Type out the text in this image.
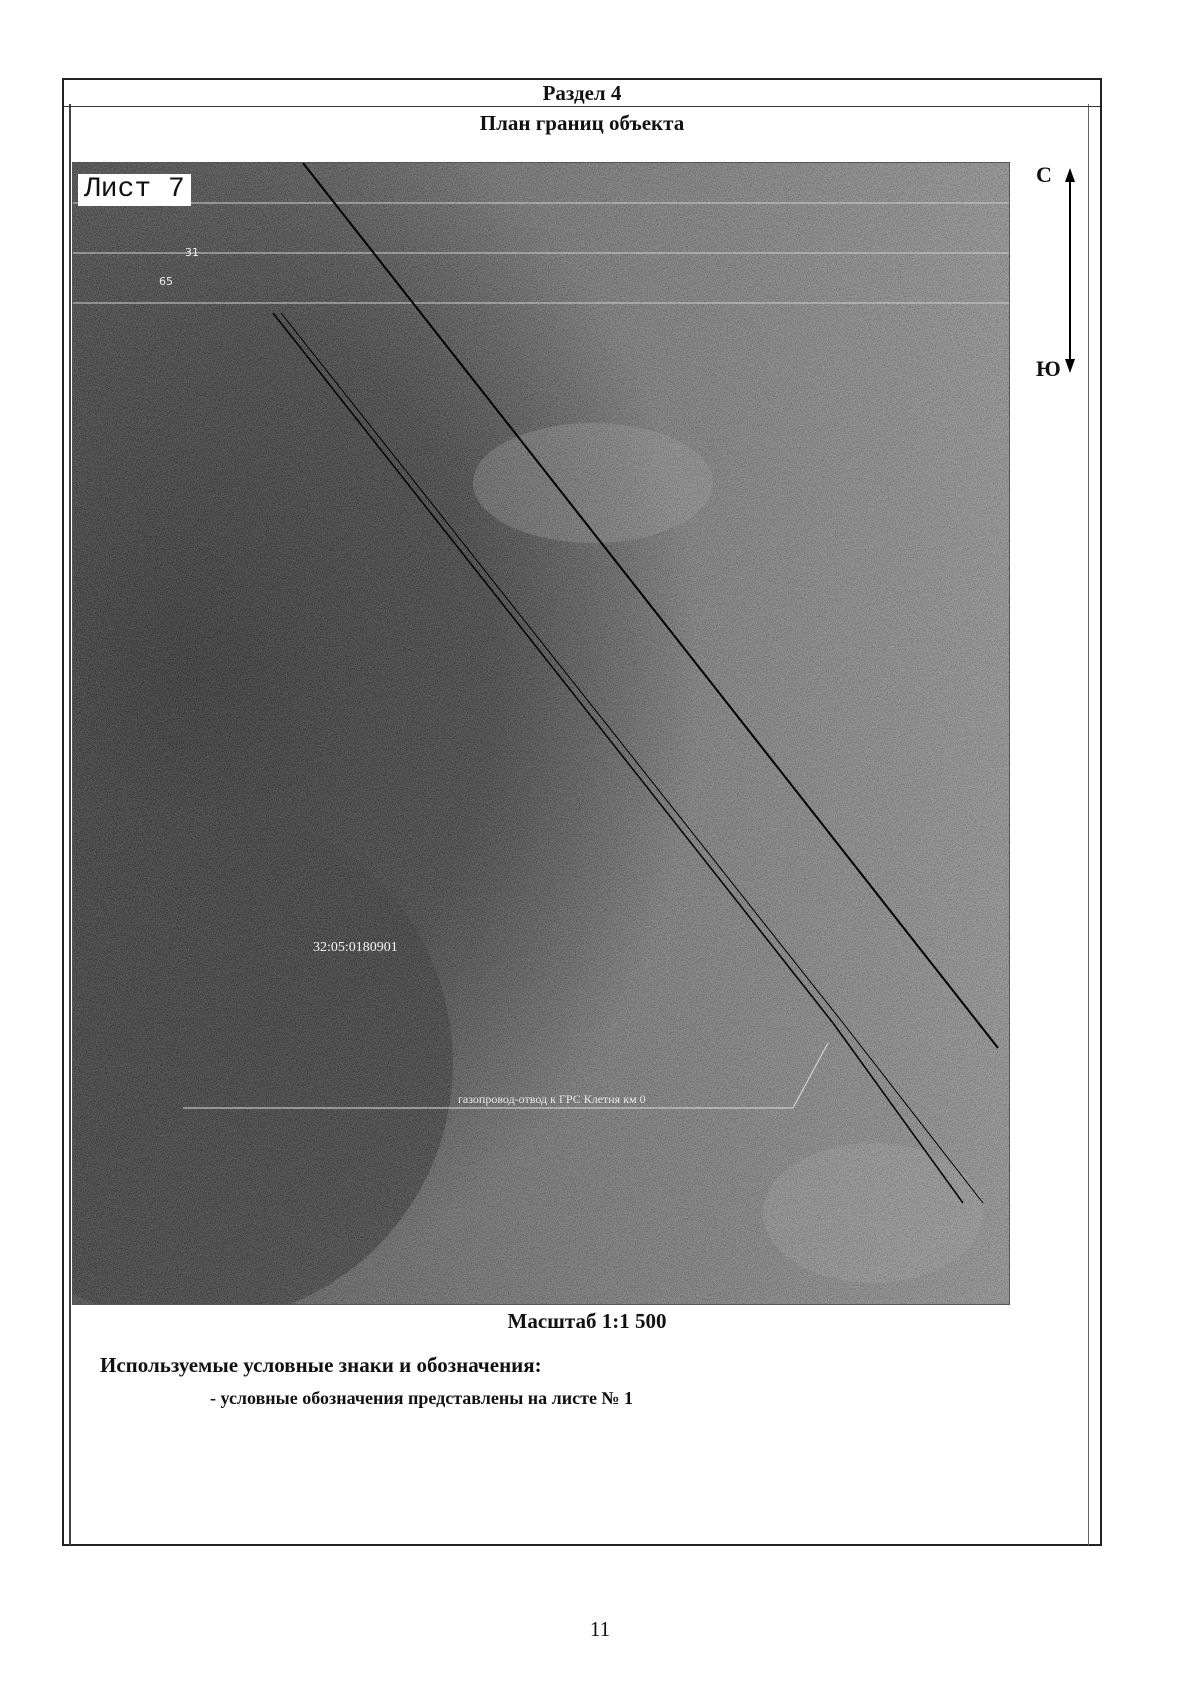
Раздел 4
План границ объекта
31
65
32:05:0180901
газопровод-отвод к ГРС Клетня км 0
Лист 7	С
Ю
Масштаб 1:1 500
Используемые условные знаки и обозначения:
- условные обозначения представлены на листе № 1
11
